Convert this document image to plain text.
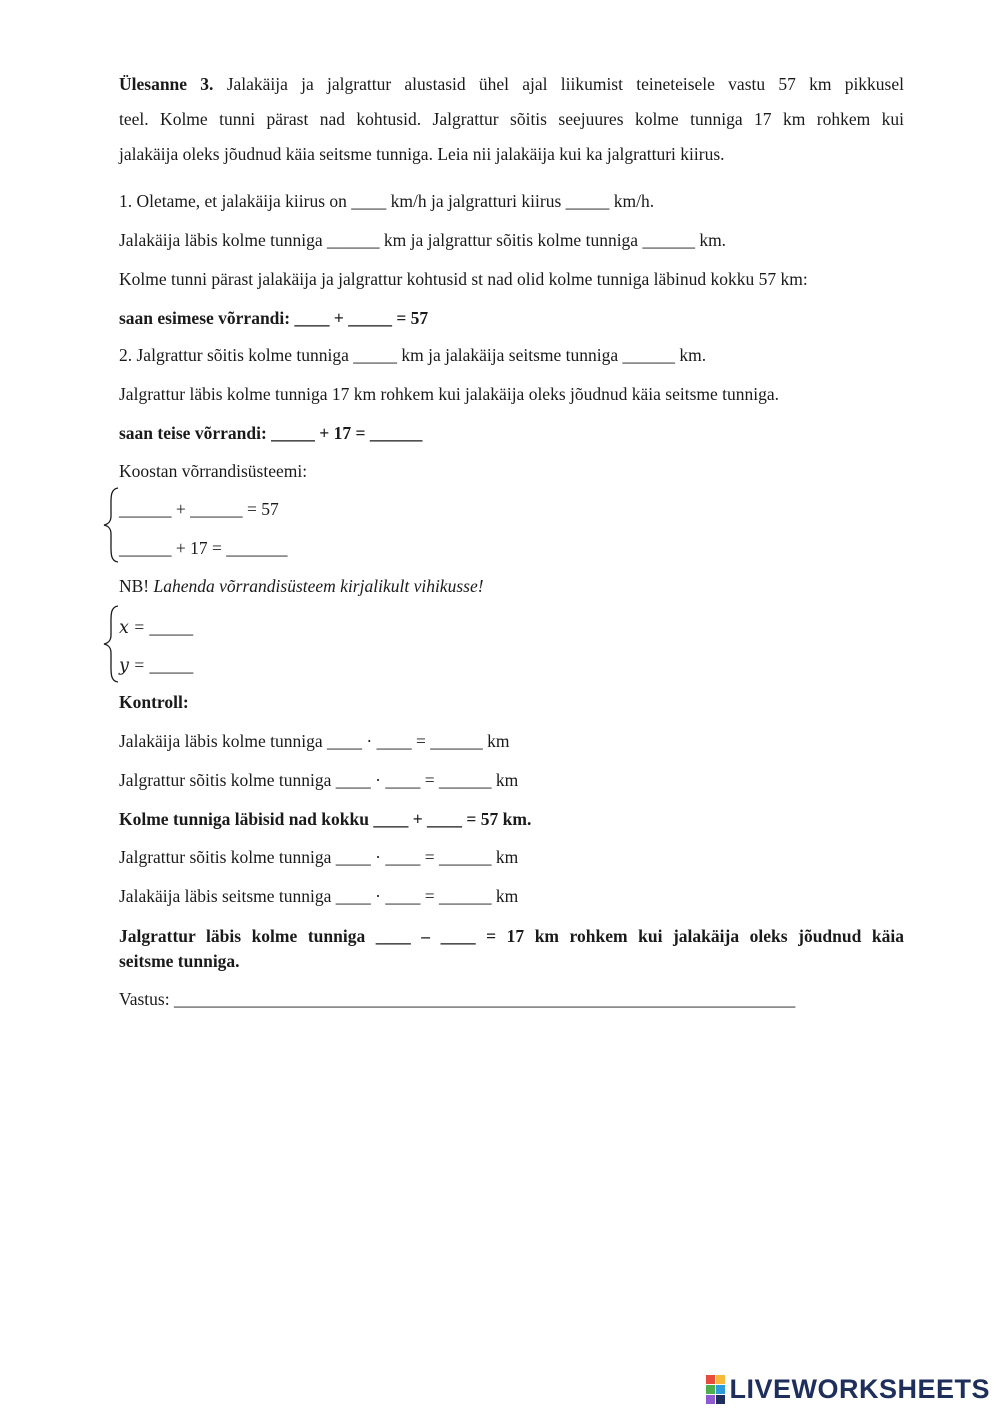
Ülesanne 3. Jalakäija ja jalgrattur alustasid ühel ajal liikumist teineteisele vastu 57 km pikkusel
teel. Kolme tunni pärast nad kohtusid. Jalgrattur sõitis seejuures kolme tunniga 17 km rohkem kui
jalakäija oleks jõudnud käia seitsme tunniga. Leia nii jalakäija kui ka jalgratturi kiirus.
1. Oletame, et jalakäija kiirus on ____ km/h ja jalgratturi kiirus _____ km/h.
Jalakäija läbis kolme tunniga ______ km ja jalgrattur sõitis kolme tunniga ______ km.
Kolme tunni pärast jalakäija ja jalgrattur kohtusid st nad olid kolme tunniga läbinud kokku 57 km:
saan esimese võrrandi: ____ + _____ = 57
2. Jalgrattur sõitis kolme tunniga _____ km ja jalakäija seitsme tunniga ______ km.
Jalgrattur läbis kolme tunniga 17 km rohkem kui jalakäija oleks jõudnud käia seitsme tunniga.
saan teise võrrandi: _____ + 17 = ______
Koostan võrrandisüsteemi:
______ + ______ = 57
______ + 17 = _______
NB! Lahenda võrrandisüsteem kirjalikult vihikusse!
𝑥 = _____
𝑦 = _____
Kontroll:
Jalakäija läbis kolme tunniga ____ · ____ = ______ km
Jalgrattur sõitis kolme tunniga ____ · ____ = ______ km
Kolme tunniga läbisid nad kokku ____ + ____ = 57 km.
Jalgrattur sõitis kolme tunniga ____ · ____ = ______ km
Jalakäija läbis seitsme tunniga ____ · ____ = ______ km
Jalgrattur läbis kolme tunniga ____ – ____ = 17 km rohkem kui jalakäija oleks jõudnud käia
seitsme tunniga.
Vastus: _______________________________________________________________________
LIVEWORKSHEETS
